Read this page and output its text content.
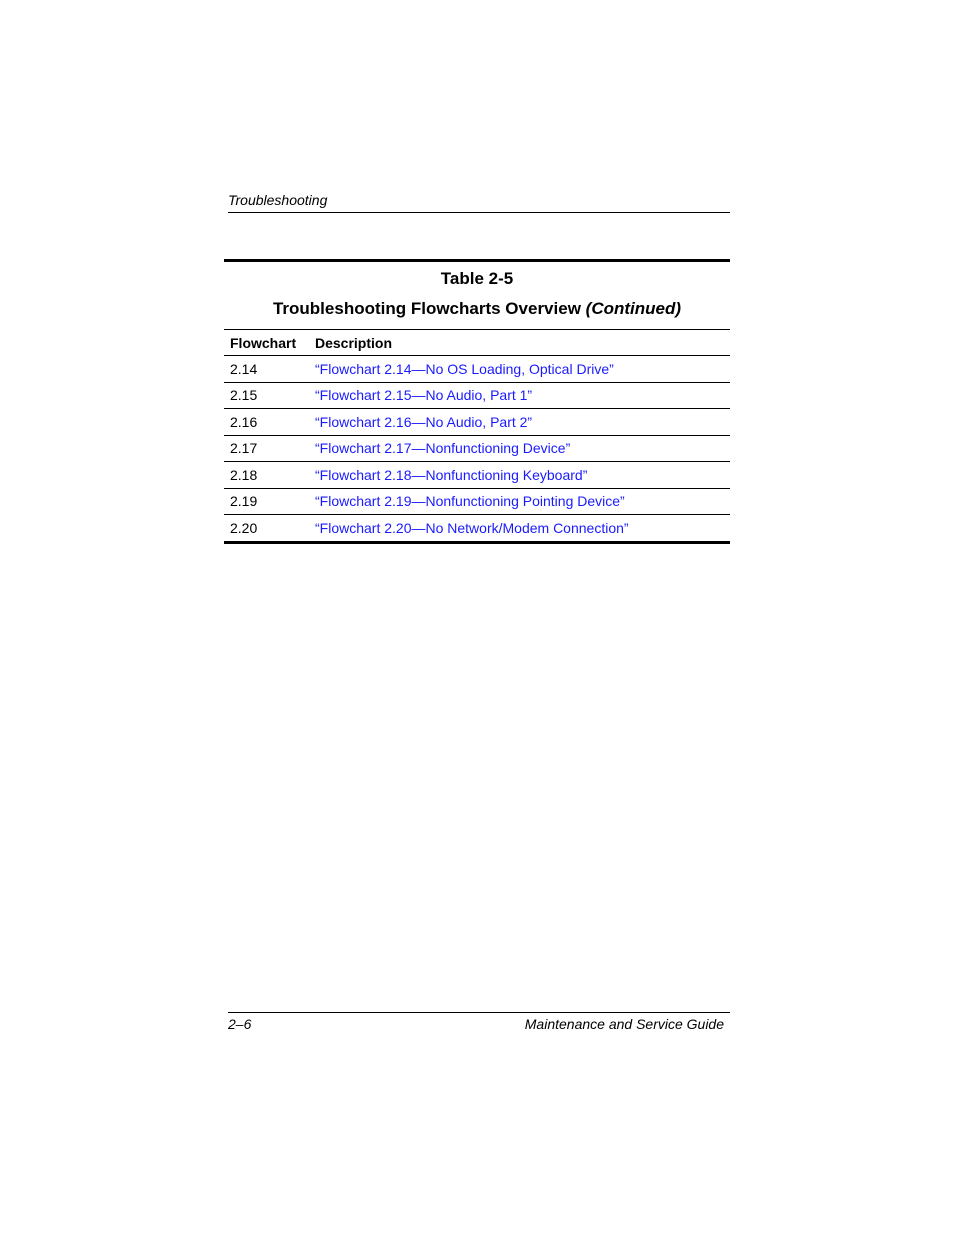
Troubleshooting
Table 2-5
Troubleshooting Flowcharts Overview (Continued)
Flowchart	Description
2.14	“Flowchart 2.14—No OS Loading, Optical Drive”
2.15	“Flowchart 2.15—No Audio, Part 1”
2.16	“Flowchart 2.16—No Audio, Part 2”
2.17	“Flowchart 2.17—Nonfunctioning Device”
2.18	“Flowchart 2.18—Nonfunctioning Keyboard”
2.19	“Flowchart 2.19—Nonfunctioning Pointing Device”
2.20	“Flowchart 2.20—No Network/Modem Connection”
2–6	Maintenance and Service Guide
